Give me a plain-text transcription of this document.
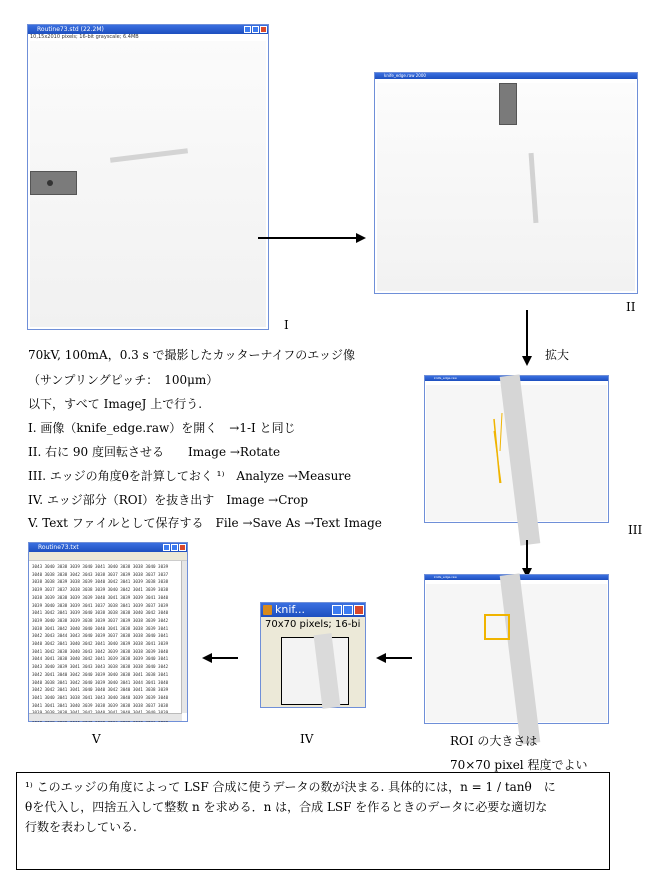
Routine73.std (22.2M)
10,15x2010 pixels; 16-bit grayscale; 6.4MB
I
knife_edge.raw 2000
II
拡大
70kV, 100mA，0.3 s で撮影したカッターナイフのエッジ像
（サンプリングピッチ：　100μm）
以下，すべて ImageJ 上で行う.
I. 画像（knife_edge.raw）を開く　→1-I と同じ
II. 右に 90 度回転させる　　Image →Rotate
III. エッジの角度θを計算しておく ¹⁾　Analyze →Measure
IV. エッジ部分（ROI）を抜き出す　Image →Crop
V. Text ファイルとして保存する　File →Save As →Text Image
knife_edge.raw
III
knife_edge.raw
ROI の大きさは
70×70 pixel 程度でよい
knif...
70x70 pixels; 16-bi
IV
Routine73.txt
3043 3040 3038 3039 3040 3041 3040 3038 3038 3040 3039
3040 3038 3038 3042 3043 3038 3037 3039 3038 3037 3037
3038 3038 3039 3038 3039 3040 3042 3041 3039 3038 3038
3039 3037 3037 3038 3038 3039 3040 3042 3041 3039 3038
3038 3039 3038 3039 3039 3040 3041 3039 3039 3041 3040
3039 3040 3038 3039 3041 3037 3038 3041 3039 3037 3039
3041 3042 3041 3039 3040 3038 3038 3038 3040 3042 3040
3039 3040 3038 3039 3038 3039 3037 3039 3038 3039 3042
3038 3041 3042 3040 3040 3040 3041 3038 3038 3039 3041
3042 3043 3044 3043 3040 3039 3037 3038 3038 3040 3041
3040 3042 3041 3040 3042 3041 3040 3039 3038 3041 3039
3041 3042 3038 3040 3043 3042 3039 3038 3038 3039 3040
3044 3041 3038 3040 3042 3041 3039 3038 3039 3040 3041
3043 3040 3039 3041 3043 3043 3038 3038 3038 3040 3042
3042 3041 3040 3042 3040 3039 3040 3038 3041 3038 3041
3040 3038 3041 3042 3040 3039 3040 3041 3044 3041 3040
3042 3042 3041 3041 3040 3040 3042 3040 3041 3038 3039
3041 3040 3041 3038 3041 3043 3040 3040 3039 3039 3040
3041 3041 3041 3040 3039 3038 3039 3038 3038 3037 3038
V
¹⁾ このエッジの角度によって LSF 合成に使うデータの数が決まる. 具体的には，n = 1 / tanθ　に
θを代入し，四捨五入して整数 n を求める．n は，合成 LSF を作るときのデータに必要な適切な
行数を表わしている.
